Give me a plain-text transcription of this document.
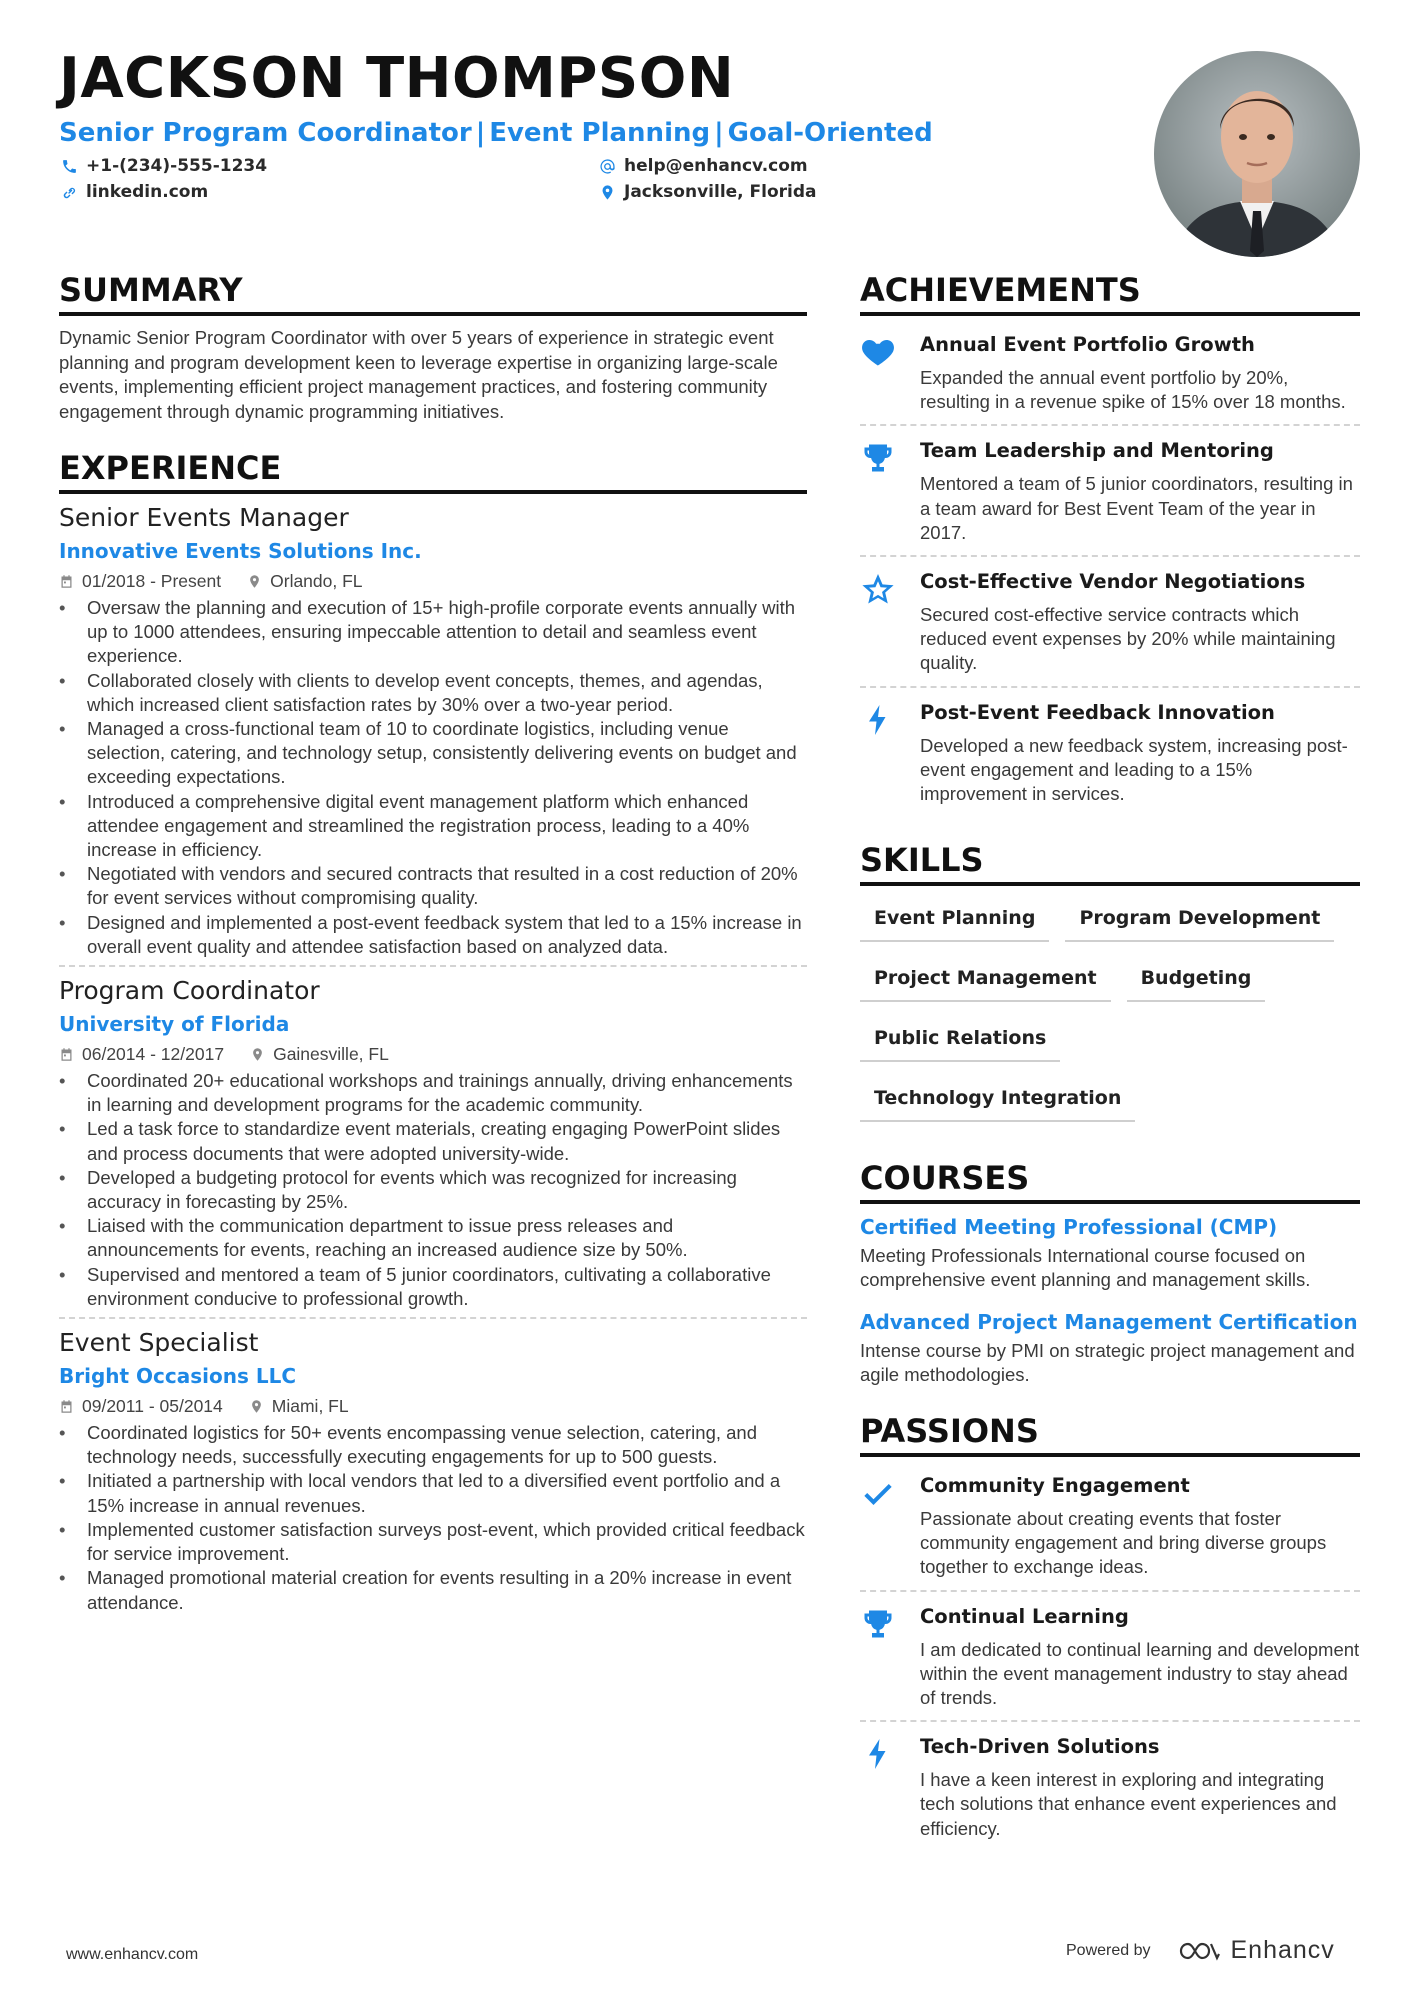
JACKSON THOMPSON
Senior Program Coordinator | Event Planning | Goal-Oriented
+1-(234)-555-1234	help@enhancv.com
linkedin.com	Jacksonville, Florida
SUMMARY
Dynamic Senior Program Coordinator with over 5 years of experience in strategic event planning and program development keen to leverage expertise in organizing large-scale events, implementing efficient project management practices, and fostering community engagement through dynamic programming initiatives.
EXPERIENCE
Senior Events Manager
Innovative Events Solutions Inc.
01/2018 - Present	Orlando, FL
• Oversaw the planning and execution of 15+ high-profile corporate events annually with up to 1000 attendees, ensuring impeccable attention to detail and seamless event experience.
• Collaborated closely with clients to develop event concepts, themes, and agendas, which increased client satisfaction rates by 30% over a two-year period.
• Managed a cross-functional team of 10 to coordinate logistics, including venue selection, catering, and technology setup, consistently delivering events on budget and exceeding expectations.
• Introduced a comprehensive digital event management platform which enhanced attendee engagement and streamlined the registration process, leading to a 40% increase in efficiency.
• Negotiated with vendors and secured contracts that resulted in a cost reduction of 20% for event services without compromising quality.
• Designed and implemented a post-event feedback system that led to a 15% increase in overall event quality and attendee satisfaction based on analyzed data.
Program Coordinator
University of Florida
06/2014 - 12/2017	Gainesville, FL
• Coordinated 20+ educational workshops and trainings annually, driving enhancements in learning and development programs for the academic community.
• Led a task force to standardize event materials, creating engaging PowerPoint slides and process documents that were adopted university-wide.
• Developed a budgeting protocol for events which was recognized for increasing accuracy in forecasting by 25%.
• Liaised with the communication department to issue press releases and announcements for events, reaching an increased audience size by 50%.
• Supervised and mentored a team of 5 junior coordinators, cultivating a collaborative environment conducive to professional growth.
Event Specialist
Bright Occasions LLC
09/2011 - 05/2014	Miami, FL
• Coordinated logistics for 50+ events encompassing venue selection, catering, and technology needs, successfully executing engagements for up to 500 guests.
• Initiated a partnership with local vendors that led to a diversified event portfolio and a 15% increase in annual revenues.
• Implemented customer satisfaction surveys post-event, which provided critical feedback for service improvement.
• Managed promotional material creation for events resulting in a 20% increase in event attendance.
ACHIEVEMENTS
Annual Event Portfolio Growth
Expanded the annual event portfolio by 20%, resulting in a revenue spike of 15% over 18 months.
Team Leadership and Mentoring
Mentored a team of 5 junior coordinators, resulting in a team award for Best Event Team of the year in 2017.
Cost-Effective Vendor Negotiations
Secured cost-effective service contracts which reduced event expenses by 20% while maintaining quality.
Post-Event Feedback Innovation
Developed a new feedback system, increasing post-event engagement and leading to a 15% improvement in services.
SKILLS
Event Planning	Program Development
Project Management	Budgeting
Public Relations
Technology Integration
COURSES
Certified Meeting Professional (CMP)
Meeting Professionals International course focused on comprehensive event planning and management skills.
Advanced Project Management Certification
Intense course by PMI on strategic project management and agile methodologies.
PASSIONS
Community Engagement
Passionate about creating events that foster community engagement and bring diverse groups together to exchange ideas.
Continual Learning
I am dedicated to continual learning and development within the event management industry to stay ahead of trends.
Tech-Driven Solutions
I have a keen interest in exploring and integrating tech solutions that enhance event experiences and efficiency.
www.enhancv.com	Powered by	Enhancv
